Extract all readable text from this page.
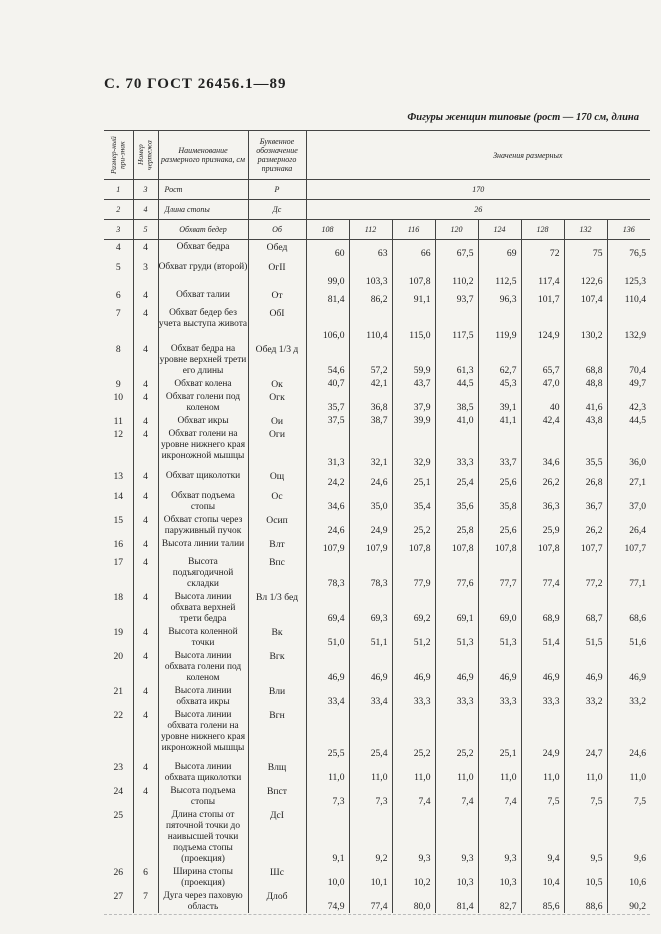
С. 70 ГОСТ 26456.1—89
Фигуры женщин типовые (рост — 170 см, длина
Размер-ный при-знак	Номер чертежа	Наименование размерного признака, см	Буквенное обозначение размерного признака	Значения размерных							
1	3	Рост	Р	170							
2	4	Длина стопы	Дс	26							
3	5	Обхват бедер	Об	108	112	116	120	124	128	132	136
4	4	Обхват бедра	Обед	60	63	66	67,5	69	72	75	76,5
5	3	Обхват груди (второй)	ОгII	99,0	103,3	107,8	110,2	112,5	117,4	122,6	125,3
6	4	Обхват талии	От	81,4	86,2	91,1	93,7	96,3	101,7	107,4	110,4
7	4	Обхват бедер без учета выступа живота	ОбI	106,0	110,4	115,0	117,5	119,9	124,9	130,2	132,9
8	4	Обхват бедра на уровне верхней трети его длины	Обед 1/3 д	54,6	57,2	59,9	61,3	62,7	65,7	68,8	70,4
9	4	Обхват колена	Ок	40,7	42,1	43,7	44,5	45,3	47,0	48,8	49,7
10	4	Обхват голени под коленом	Огк	35,7	36,8	37,9	38,5	39,1	40	41,6	42,3
11	4	Обхват икры	Ои	37,5	38,7	39,9	41,0	41,1	42,4	43,8	44,5
12	4	Обхват голени на уровне нижнего края икроножной мышцы	Оги	31,3	32,1	32,9	33,3	33,7	34,6	35,5	36,0
13	4	Обхват щиколотки	Ощ	24,2	24,6	25,1	25,4	25,6	26,2	26,8	27,1
14	4	Обхват подъема стопы	Ос	34,6	35,0	35,4	35,6	35,8	36,3	36,7	37,0
15	4	Обхват стопы через паруживный пучок	Осип	24,6	24,9	25,2	25,8	25,6	25,9	26,2	26,4
16	4	Высота линии талии	Влт	107,9	107,9	107,8	107,8	107,8	107,8	107,7	107,7
17	4	Высота подъягодичной складки	Впс	78,3	78,3	77,9	77,6	77,7	77,4	77,2	77,1
18	4	Высота линии обхвата верхней трети бедра	Вл 1/3 бед	69,4	69,3	69,2	69,1	69,0	68,9	68,7	68,6
19	4	Высота коленной точки	Вк	51,0	51,1	51,2	51,3	51,3	51,4	51,5	51,6
20	4	Высота линии обхвата голени под коленом	Вгк	46,9	46,9	46,9	46,9	46,9	46,9	46,9	46,9
21	4	Высота линии обхвата икры	Вли	33,4	33,4	33,3	33,3	33,3	33,3	33,2	33,2
22	4	Высота линии обхвата голени на уровне нижнего края икроножной мышцы	Вгн	25,5	25,4	25,2	25,2	25,1	24,9	24,7	24,6
23	4	Высота линии обхвата щиколотки	Влщ	11,0	11,0	11,0	11,0	11,0	11,0	11,0	11,0
24	4	Высота подъема стопы	Впст	7,3	7,3	7,4	7,4	7,4	7,5	7,5	7,5
25		Длина стопы от пяточной точки до наивысшей точки подъема стопы (проекция)	ДсI	9,1	9,2	9,3	9,3	9,3	9,4	9,5	9,6
26	6	Ширина стопы (проекция)	Шс	10,0	10,1	10,2	10,3	10,3	10,4	10,5	10,6
27	7	Дуга через паховую область	Длоб	74,9	77,4	80,0	81,4	82,7	85,6	88,6	90,2
